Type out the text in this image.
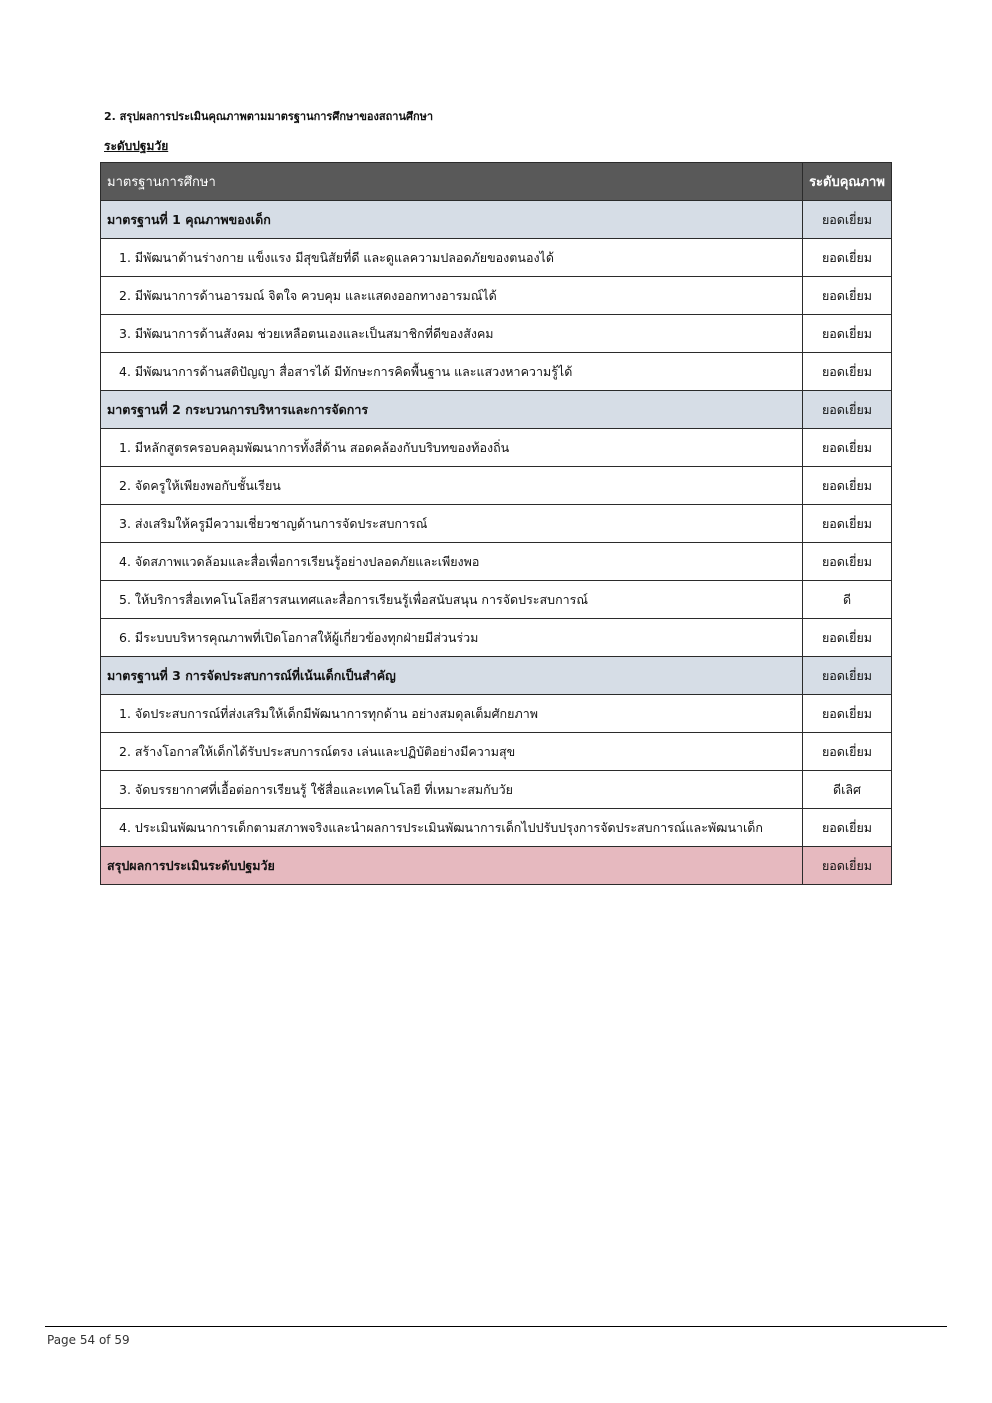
2. สรุปผลการประเมินคุณภาพตามมาตรฐานการศึกษาของสถานศึกษา
ระดับปฐมวัย
มาตรฐานการศึกษา	ระดับคุณภาพ
มาตรฐานที่ 1 คุณภาพของเด็ก	ยอดเยี่ยม
1. มีพัฒนาด้านร่างกาย แข็งแรง มีสุขนิสัยที่ดี และดูแลความปลอดภัยของตนองได้	ยอดเยี่ยม
2. มีพัฒนาการด้านอารมณ์ จิตใจ ควบคุม และแสดงออกทางอารมณ์ได้	ยอดเยี่ยม
3. มีพัฒนาการด้านสังคม ช่วยเหลือตนเองและเป็นสมาชิกที่ดีของสังคม	ยอดเยี่ยม
4. มีพัฒนาการด้านสติปัญญา สื่อสารได้ มีทักษะการคิดพื้นฐาน และแสวงหาความรู้ได้	ยอดเยี่ยม
มาตรฐานที่ 2 กระบวนการบริหารและการจัดการ	ยอดเยี่ยม
1. มีหลักสูตรครอบคลุมพัฒนาการทั้งสี่ด้าน สอดคล้องกับบริบทของท้องถิ่น	ยอดเยี่ยม
2. จัดครูให้เพียงพอกับชั้นเรียน	ยอดเยี่ยม
3. ส่งเสริมให้ครูมีความเชี่ยวชาญด้านการจัดประสบการณ์	ยอดเยี่ยม
4. จัดสภาพแวดล้อมและสื่อเพื่อการเรียนรู้อย่างปลอดภัยและเพียงพอ	ยอดเยี่ยม
5. ให้บริการสื่อเทคโนโลยีสารสนเทศและสื่อการเรียนรู้เพื่อสนับสนุน การจัดประสบการณ์	ดี
6. มีระบบบริหารคุณภาพที่เปิดโอกาสให้ผู้เกี่ยวข้องทุกฝ่ายมีส่วนร่วม	ยอดเยี่ยม
มาตรฐานที่ 3 การจัดประสบการณ์ที่เน้นเด็กเป็นสำคัญ	ยอดเยี่ยม
1. จัดประสบการณ์ที่ส่งเสริมให้เด็กมีพัฒนาการทุกด้าน อย่างสมดุลเต็มศักยภาพ	ยอดเยี่ยม
2. สร้างโอกาสให้เด็กได้รับประสบการณ์ตรง เล่นและปฏิบัติอย่างมีความสุข	ยอดเยี่ยม
3. จัดบรรยากาศที่เอื้อต่อการเรียนรู้ ใช้สื่อและเทคโนโลยี ที่เหมาะสมกับวัย	ดีเลิศ
4. ประเมินพัฒนาการเด็กตามสภาพจริงและนำผลการประเมินพัฒนาการเด็กไปปรับปรุงการจัดประสบการณ์และพัฒนาเด็ก	ยอดเยี่ยม
สรุปผลการประเมินระดับปฐมวัย	ยอดเยี่ยม
Page 54 of 59
